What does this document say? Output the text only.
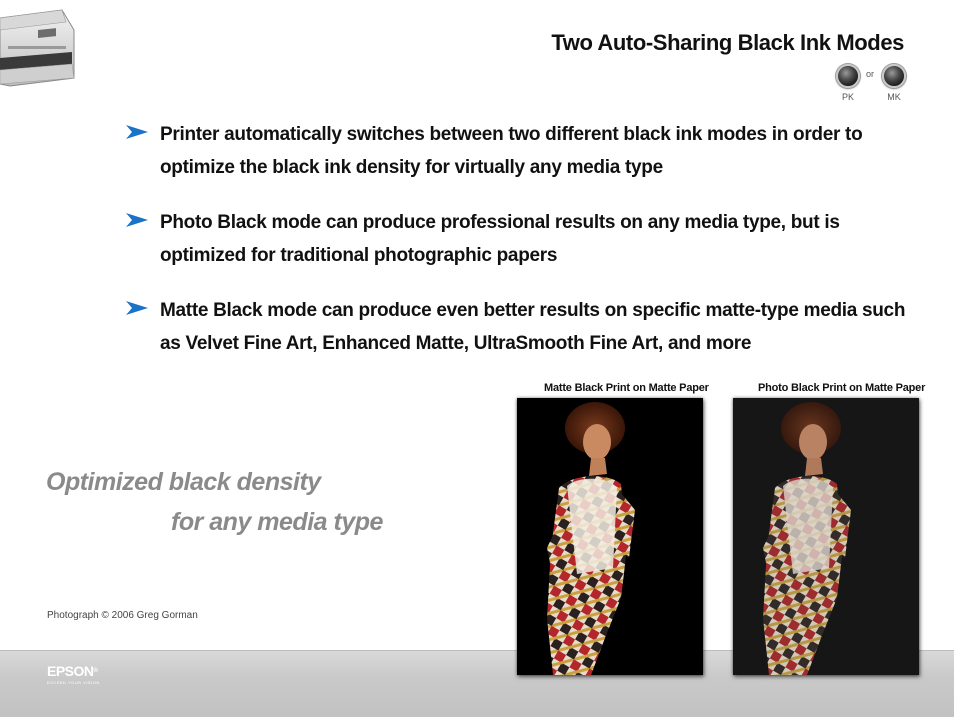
Two Auto-Sharing Black Ink Modes
PK
or
MK
Printer automatically switches between two different black ink modes in order to optimize the black ink density for virtually any media type
Photo Black mode can produce professional results on any media type, but is optimized for traditional photographic papers
Matte Black mode can produce even better results on specific matte-type media such as Velvet Fine Art, Enhanced Matte, UltraSmooth Fine Art, and more
Optimized black density
for any media type
Photograph © 2006 Greg Gorman
EPSON®
EXCEED YOUR VISION
Matte Black Print on Matte Paper	Photo Black Print on Matte Paper
